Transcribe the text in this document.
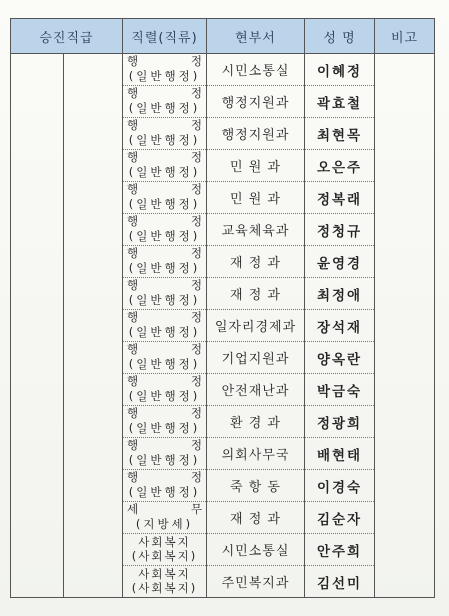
승진직급	직렬(직류)	현부서	성 명	비고

	행 정
(일반행정)	시민소통실	이혜정	

	행 정
(일반행정)	행정지원과	곽효철	

	행 정
(일반행정)	행정지원과	최현목	

	행 정
(일반행정)	민 원 과	오은주	

	행 정
(일반행정)	민 원 과	정복래	

	행 정
(일반행정)	교육체육과	정청규	

	행 정
(일반행정)	재 정 과	윤영경	

	행 정
(일반행정)	재 정 과	최정애	

	행 정
(일반행정)	일자리경제과	장석재	

	행 정
(일반행정)	기업지원과	양옥란	

	행 정
(일반행정)	안전재난과	박금숙	

	행 정
(일반행정)	환 경 과	정광희	

	행 정
(일반행정)	의회사무국	배현태	

	행 정
(일반행정)	죽 항 동	이경숙	

	세 무
(지방세)	재 정 과	김순자	

	사회복지
(사회복지)	시민소통실	안주희	

	사회복지
(사회복지)	주민복지과	김선미	
